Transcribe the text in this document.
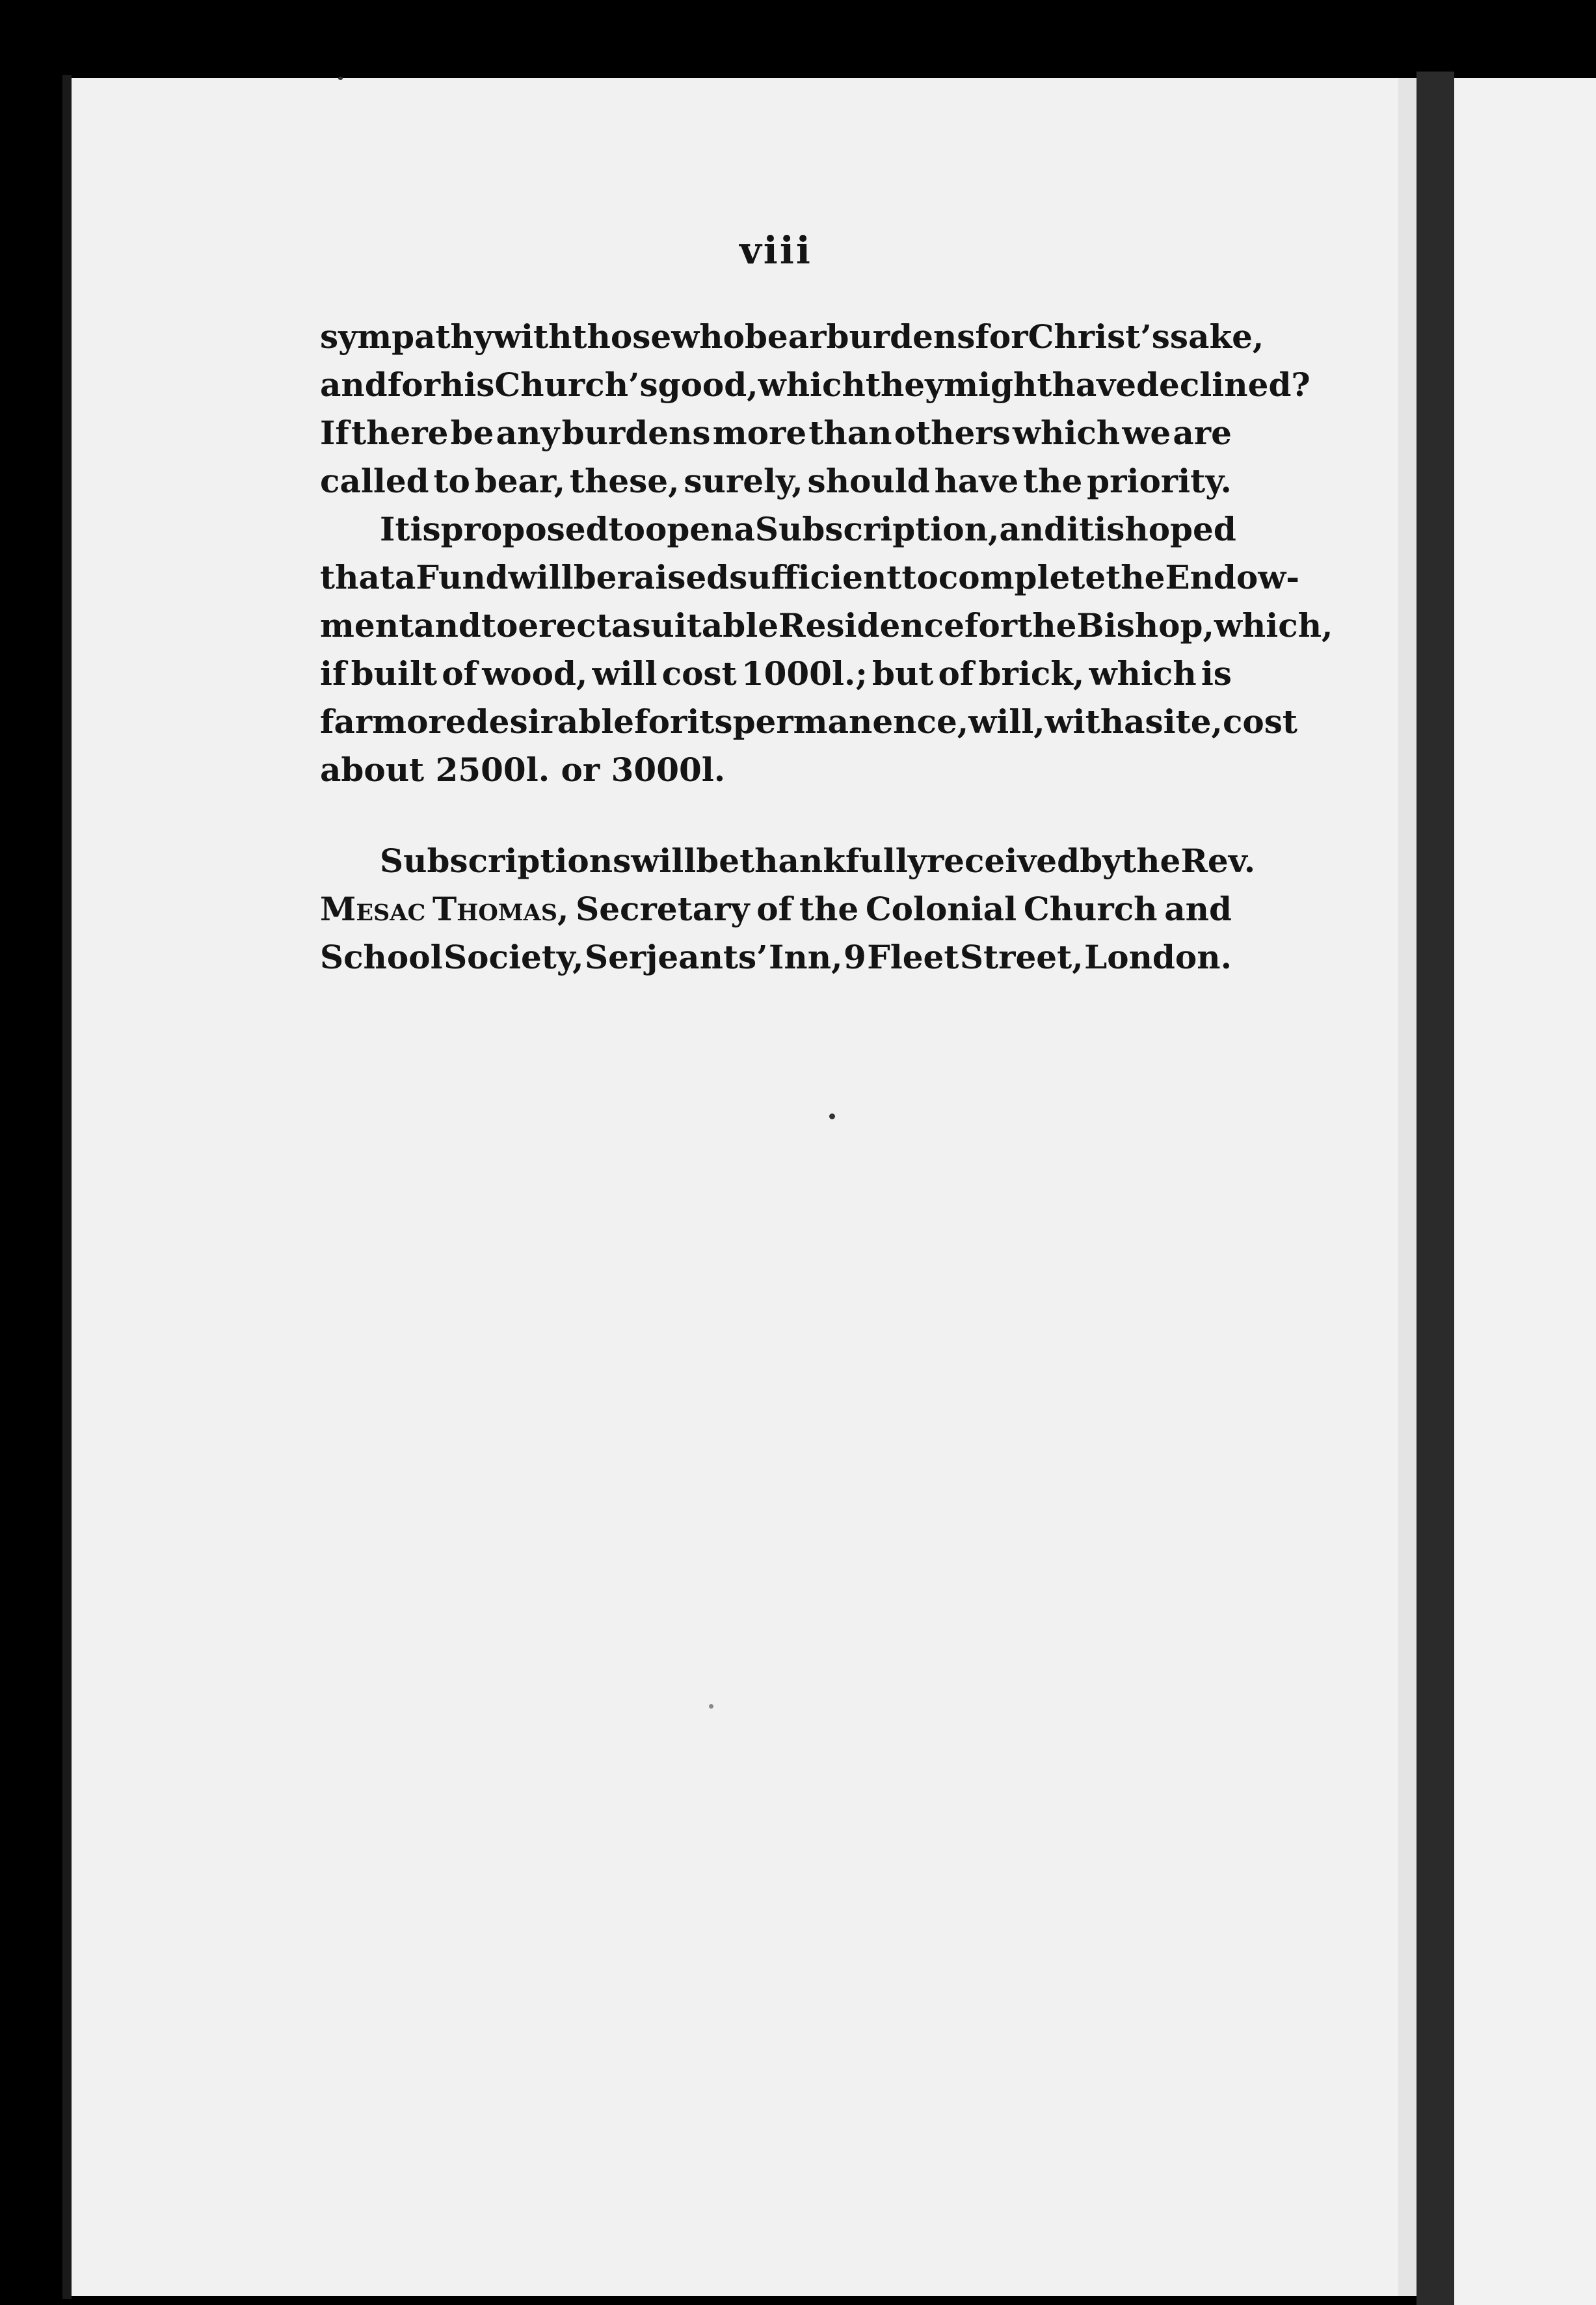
viii
sympathy with those who bear burdens for Christ’s sake,
and for his Church’s good, which they might have declined?
If there be any burdens more than others which we are
called to bear, these, surely, should have the priority.
It is proposed to open a Subscription, and it is hoped
that a Fund will be raised sufficient to complete the Endow-
ment and to erect a suitable Residence for the Bishop, which,
if built of wood, will cost 1000l.; but of brick, which is
far more desirable for its permanence, will, with a site, cost
about 2500l. or 3000l.
Subscriptions will be thankfully received by the Rev.
Mesac Thomas, Secretary of the Colonial Church and
School Society, Serjeants’ Inn, 9 Fleet Street, London.
